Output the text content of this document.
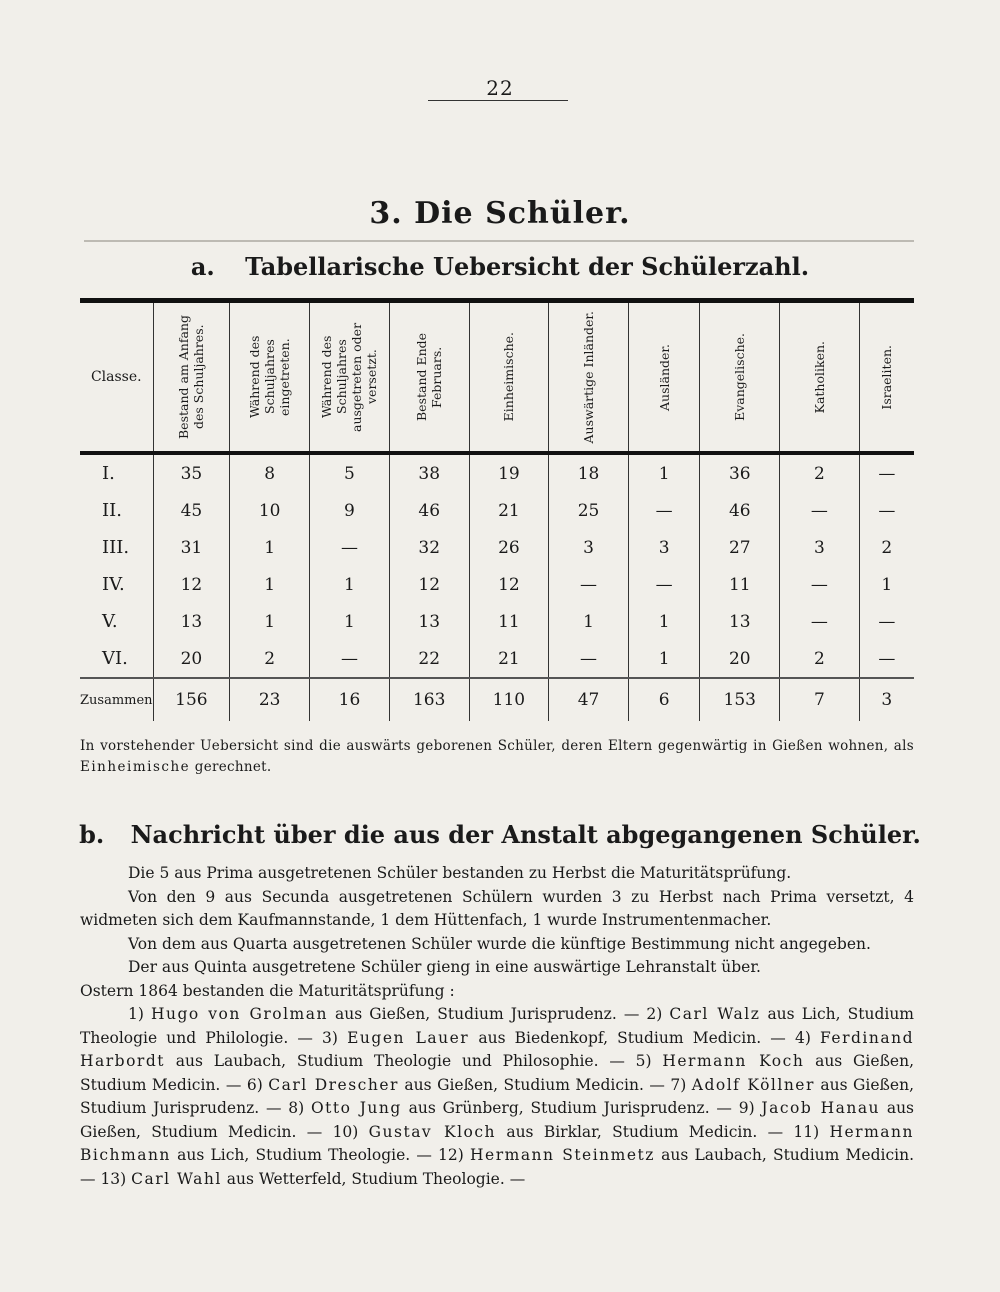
22
3. Die Schüler.
a. Tabellarische Uebersicht der Schülerzahl.
Classe.	Bestand am Anfang des Schuljahres.	Während des Schuljahres eingetreten.	Während des Schuljahres ausgetreten oder versetzt.	Bestand Ende Februars.	Einheimische.	Auswärtige Inländer.	Ausländer.	Evangelische.	Katholiken.	Israeliten.

I.	35	8	5	38	19	18	1	36	2	—
II.	45	10	9	46	21	25	—	46	—	—
III.	31	1	—	32	26	3	3	27	3	2
IV.	12	1	1	12	12	—	—	11	—	1
V.	13	1	1	13	11	1	1	13	—	—
VI.	20	2	—	22	21	—	1	20	2	—
Zusammen	156	23	16	163	110	47	6	153	7	3
In vorstehender Uebersicht sind die auswärts geborenen Schüler, deren Eltern gegenwärtig in Gießen wohnen, als Einheimische gerechnet.
b. Nachricht über die aus der Anstalt abgegangenen Schüler.

Die 5 aus Prima ausgetretenen Schüler bestanden zu Herbst die Maturitätsprüfung.

Von den 9 aus Secunda ausgetretenen Schülern wurden 3 zu Herbst nach Prima versetzt, 4 widmeten sich dem Kaufmannstande, 1 dem Hüttenfach, 1 wurde Instrumentenmacher.

Von dem aus Quarta ausgetretenen Schüler wurde die künftige Bestimmung nicht angegeben.

Der aus Quinta ausgetretene Schüler gieng in eine auswärtige Lehranstalt über.

Ostern 1864 bestanden die Maturitätsprüfung :

1) Hugo von Grolman aus Gießen, Studium Jurisprudenz. — 2) Carl Walz aus Lich, Studium Theologie und Philologie. — 3) Eugen Lauer aus Biedenkopf, Studium Medicin. — 4) Ferdinand Harbordt aus Laubach, Studium Theologie und Philosophie. — 5) Hermann Koch aus Gießen, Studium Medicin. — 6) Carl Drescher aus Gießen, Studium Medicin. — 7) Adolf Köllner aus Gießen, Studium Jurisprudenz. — 8) Otto Jung aus Grünberg, Studium Jurisprudenz. — 9) Jacob Hanau aus Gießen, Studium Medicin. — 10) Gustav Kloch aus Birklar, Studium Medicin. — 11) Hermann Bichmann aus Lich, Studium Theologie. — 12) Hermann Steinmetz aus Laubach, Studium Medicin. — 13) Carl Wahl aus Wetterfeld, Studium Theologie. —
